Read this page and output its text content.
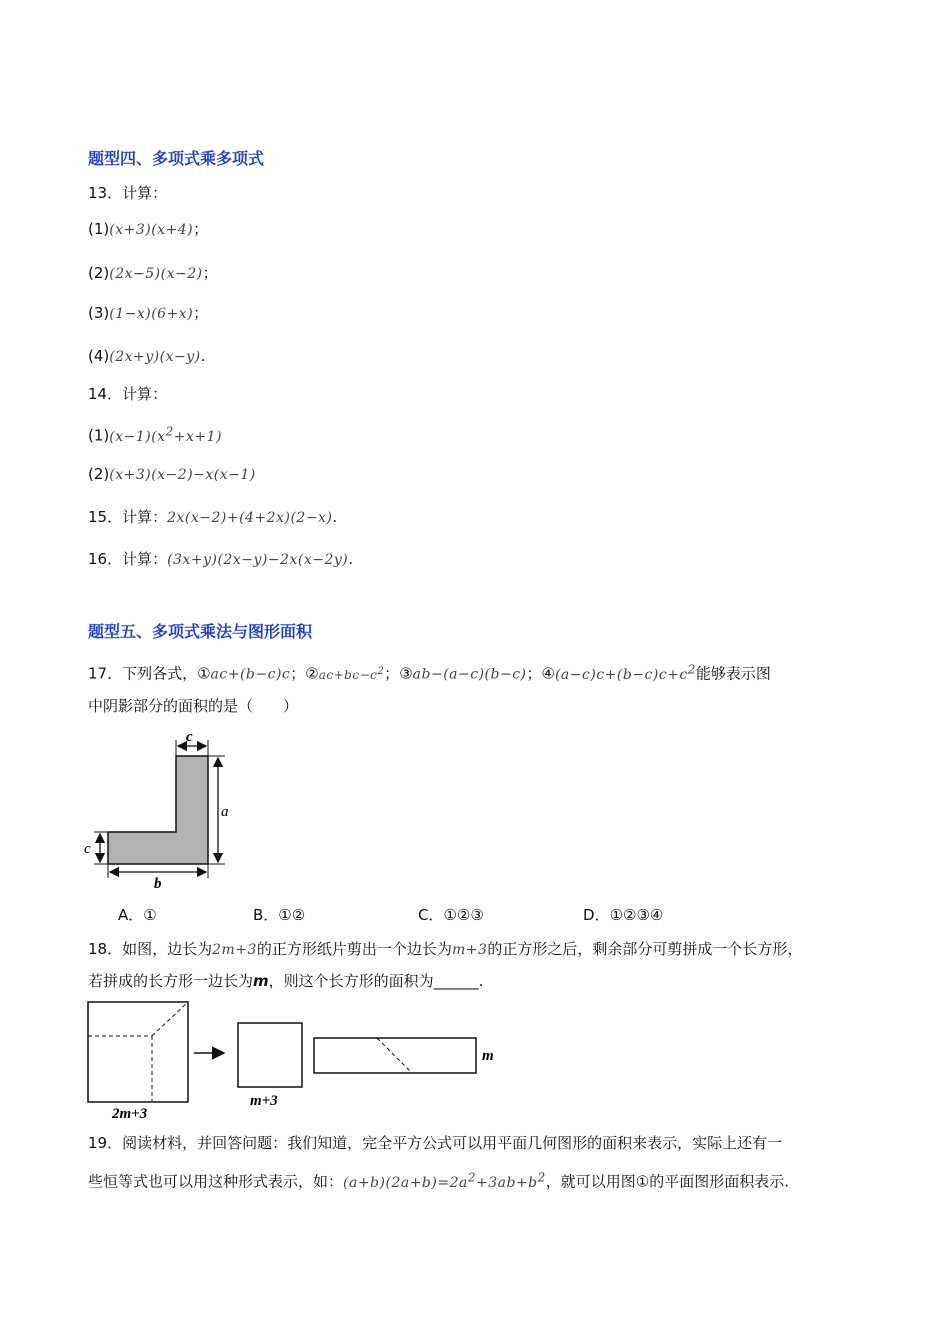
题型四、多项式乘多项式
13．计算：
(1)(x+3)(x+4)；
(2)(2x−5)(x−2)；
(3)(1−x)(6+x)；
(4)(2x+y)(x−y).
14．计算：
$(1)(x-1)(x^2+x+1)$
(2)(x+3)(x−2)−x(x−1)
15．计算：2x(x−2)+(4+2x)(2−x).
16．计算：(3x+y)(2x−y)−2x(x−2y).
题型五、多项式乘法与图形面积
17．下列各式，①ac+(b−c)c；$②ac+bc-c^2$；③ab−(a−c)(b−c)；$④(a-c)c+(b-c)c+c^2$能够表示图
中阴影部分的面积的是（　　）
c
a
c
b
A．①	B．①②	C．①②③	D．①②③④
18．如图，边长为2m+3的正方形纸片剪出一个边长为m+3的正方形之后，剩余部分可剪拼成一个长方形，
若拼成的长方形一边长为m，则这个长方形的面积为______.
2m+3
m+3
m
19．阅读材料，并回答问题：我们知道，完全平方公式可以用平面几何图形的面积来表示，实际上还有一
些恒等式也可以用这种形式表示，如：$(a+b)(2a+b)=2a^2+3ab+b^2$，就可以用图①的平面图形面积表示.
